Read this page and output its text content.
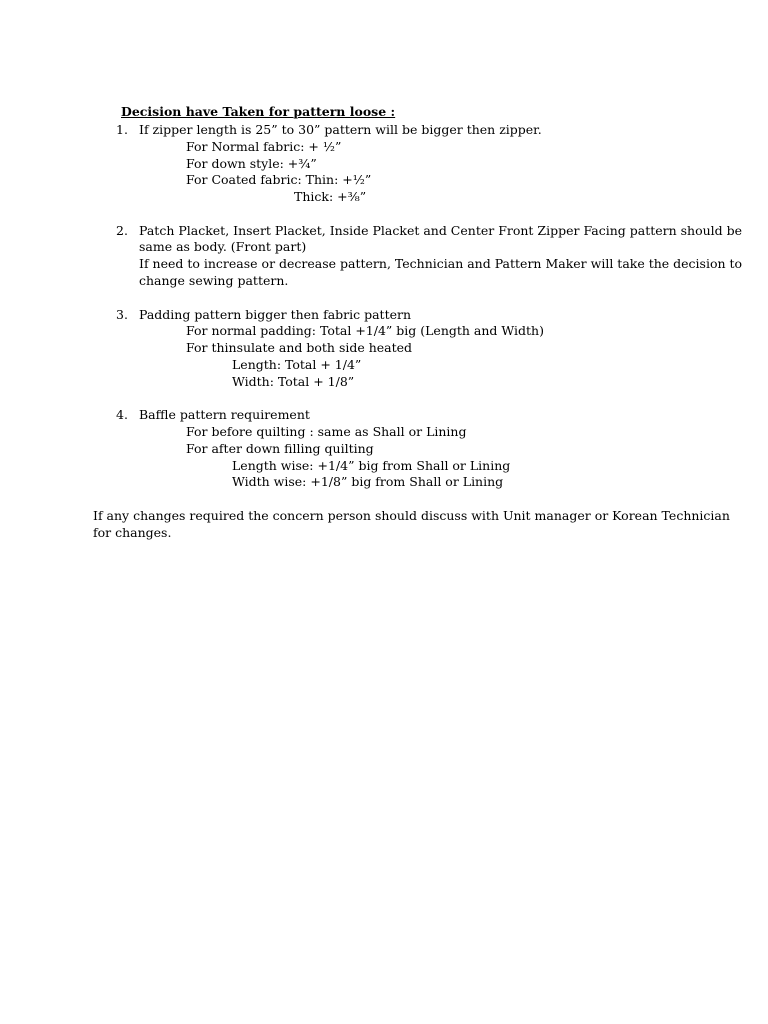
Decision have Taken for pattern loose :
1. If zipper length is 25” to 30” pattern will be bigger then zipper.
For Normal fabric: + ½”
For down style: +¾”
For Coated fabric: Thin: +½”
Thick: +⅜”
2. Patch Placket, Insert Placket, Inside Placket and Center Front Zipper Facing pattern should be
same as body. (Front part)
If need to increase or decrease pattern, Technician and Pattern Maker will take the decision to
change sewing pattern.
3. Padding pattern bigger then fabric pattern
For normal padding: Total +1/4” big (Length and Width)
For thinsulate and both side heated
Length: Total + 1/4”
Width: Total + 1/8”
4. Baffle pattern requirement
For before quilting : same as Shall or Lining
For after down filling quilting
Length wise: +1/4” big from Shall or Lining
Width wise: +1/8” big from Shall or Lining
If any changes required the concern person should discuss with Unit manager or Korean Technician
for changes.
